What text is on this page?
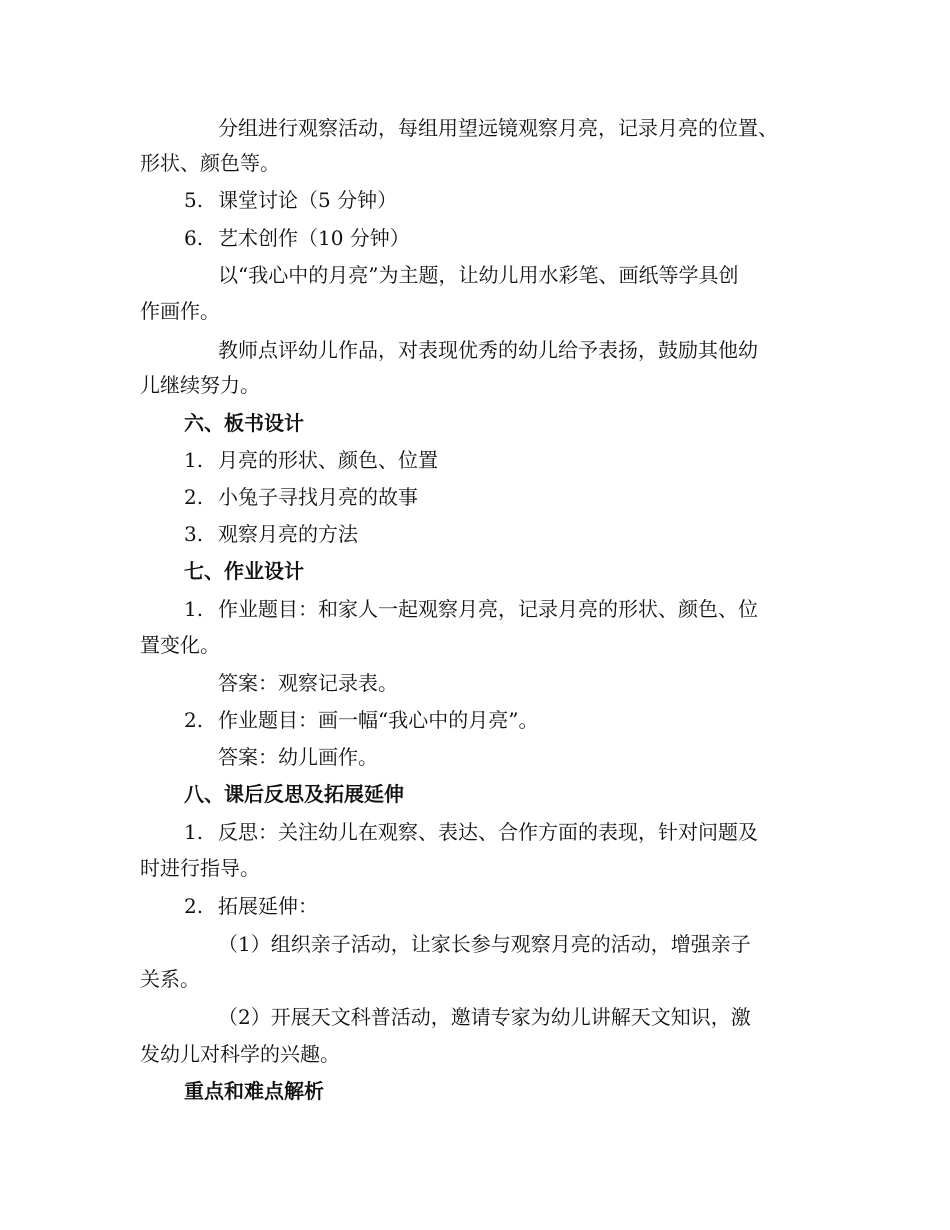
分组进行观察活动，每组用望远镜观察月亮，记录月亮的位置、
形状、颜色等。
5. 课堂讨论（5 分钟）
6. 艺术创作（10 分钟）
以“我心中的月亮”为主题，让幼儿用水彩笔、画纸等学具创
作画作。
教师点评幼儿作品，对表现优秀的幼儿给予表扬，鼓励其他幼
儿继续努力。
六、板书设计
1. 月亮的形状、颜色、位置
2. 小兔子寻找月亮的故事
3. 观察月亮的方法
七、作业设计
1. 作业题目：和家人一起观察月亮，记录月亮的形状、颜色、位
置变化。
答案：观察记录表。
2. 作业题目：画一幅“我心中的月亮”。
答案：幼儿画作。
八、课后反思及拓展延伸
1. 反思：关注幼儿在观察、表达、合作方面的表现，针对问题及
时进行指导。
2. 拓展延伸：
（1）组织亲子活动，让家长参与观察月亮的活动，增强亲子
关系。
（2）开展天文科普活动，邀请专家为幼儿讲解天文知识，激
发幼儿对科学的兴趣。
重点和难点解析
